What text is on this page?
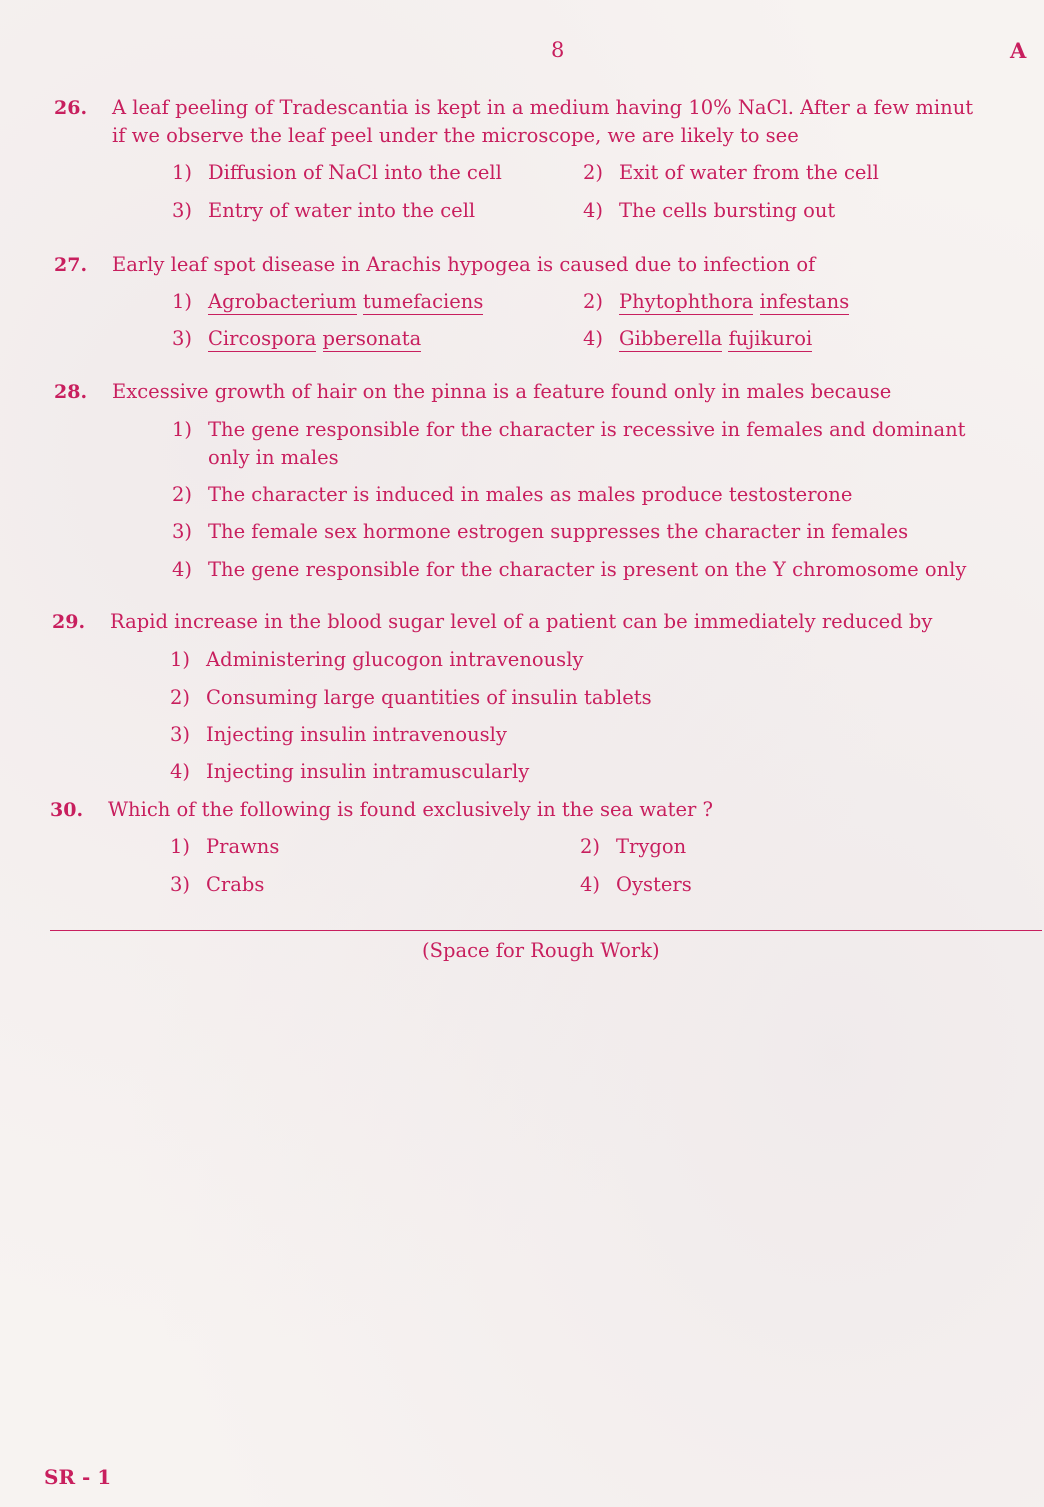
8	A
26. A leaf peeling of Tradescantia is kept in a medium having 10% NaCl. After a few minut
if we observe the leaf peel under the microscope, we are likely to see
1) Diffusion of NaCl into the cell	2) Exit of water from the cell
3) Entry of water into the cell	4) The cells bursting out
27. Early leaf spot disease in Arachis hypogea is caused due to infection of
1) Agrobacterium tumefaciens	2) Phytophthora infestans
3) Circospora personata	4) Gibberella fujikuroi
28. Excessive growth of hair on the pinna is a feature found only in males because
1) The gene responsible for the character is recessive in females and dominant
only in males
2) The character is induced in males as males produce testosterone
3) The female sex hormone estrogen suppresses the character in females
4) The gene responsible for the character is present on the Y chromosome only
29. Rapid increase in the blood sugar level of a patient can be immediately reduced by
1) Administering glucogon intravenously
2) Consuming large quantities of insulin tablets
3) Injecting insulin intravenously
4) Injecting insulin intramuscularly
30. Which of the following is found exclusively in the sea water ?
1) Prawns	2) Trygon
3) Crabs	4) Oysters
(Space for Rough Work)
SR - 1
